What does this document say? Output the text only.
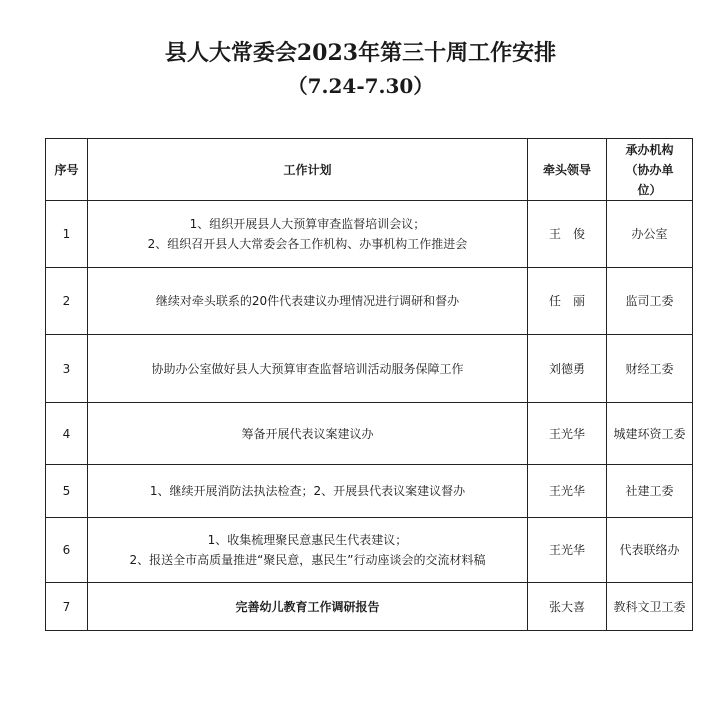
县人大常委会2023年第三十周工作安排
（7.24-7.30）
序号	工作计划	牵头领导	承办机构
（协办单
位）

1	1、组织开展县人大预算审查监督培训会议；
2、组织召开县人大常委会各工作机构、办事机构工作推进会	王　俊	办公室
2	继续对牵头联系的20件代表建议办理情况进行调研和督办	任　丽	监司工委
3	协助办公室做好县人大预算审查监督培训活动服务保障工作	刘德勇	财经工委
4	筹备开展代表议案建议办	王光华	城建环资工委
5	1、继续开展消防法执法检查；2、开展县代表议案建议督办	王光华	社建工委
6	1、收集梳理聚民意惠民生代表建议；
2、报送全市高质量推进“聚民意，惠民生”行动座谈会的交流材料稿	王光华	代表联络办
7	完善幼儿教育工作调研报告	张大喜	教科文卫工委
